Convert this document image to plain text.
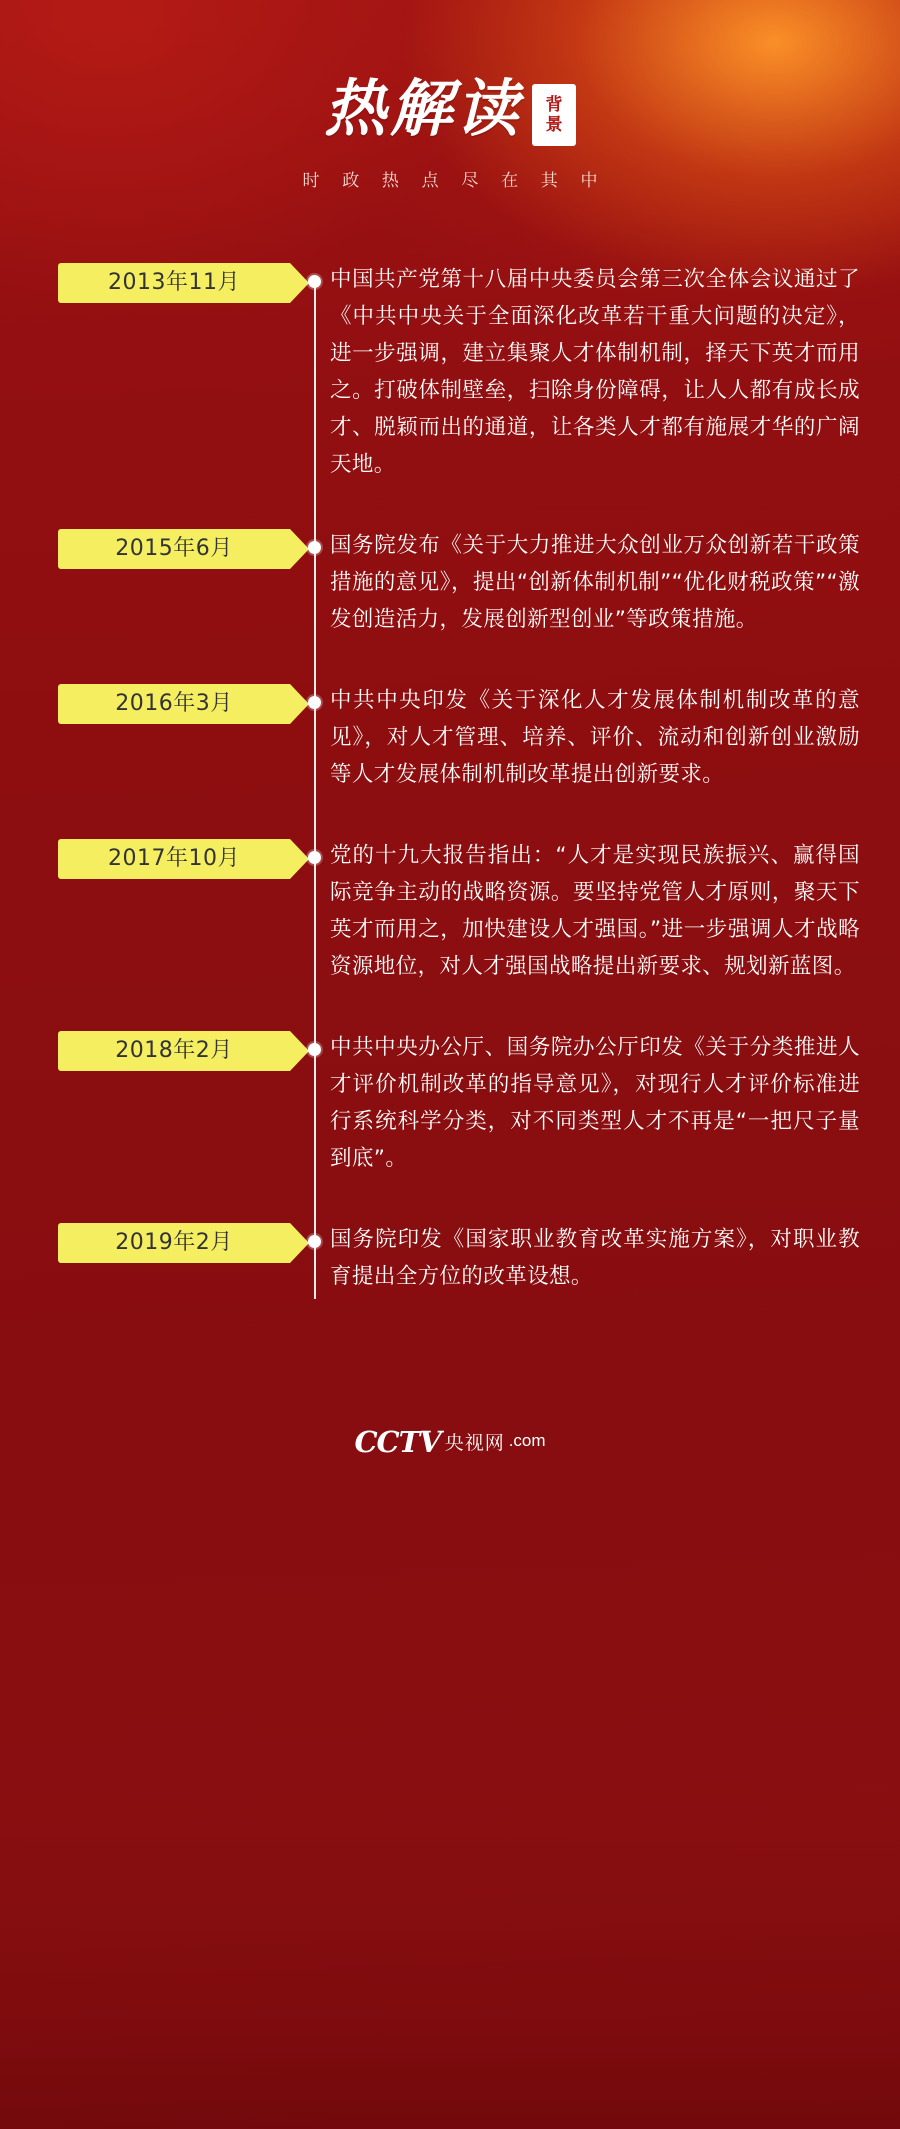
热解读 背
景
时 政 热 点 尽 在 其 中
2013年11月	中国共产党第十八届中央委员会第三次全体会议通过了《中共中央关于全面深化改革若干重大问题的决定》，进一步强调，建立集聚人才体制机制，择天下英才而用之。打破体制壁垒，扫除身份障碍，让人人都有成长成才、脱颖而出的通道，让各类人才都有施展才华的广阔天地。
2015年6月	国务院发布《关于大力推进大众创业万众创新若干政策措施的意见》，提出“创新体制机制”“优化财税政策”“激发创造活力，发展创新型创业”等政策措施。
2016年3月	中共中央印发《关于深化人才发展体制机制改革的意见》，对人才管理、培养、评价、流动和创新创业激励等人才发展体制机制改革提出创新要求。
2017年10月	党的十九大报告指出：“人才是实现民族振兴、赢得国际竞争主动的战略资源。要坚持党管人才原则，聚天下英才而用之，加快建设人才强国。”进一步强调人才战略资源地位，对人才强国战略提出新要求、规划新蓝图。
2018年2月	中共中央办公厅、国务院办公厅印发《关于分类推进人才评价机制改革的指导意见》，对现行人才评价标准进行系统科学分类，对不同类型人才不再是“一把尺子量到底”。
2019年2月	国务院印发《国家职业教育改革实施方案》，对职业教育提出全方位的改革设想。
CCTV 央视网 .com
